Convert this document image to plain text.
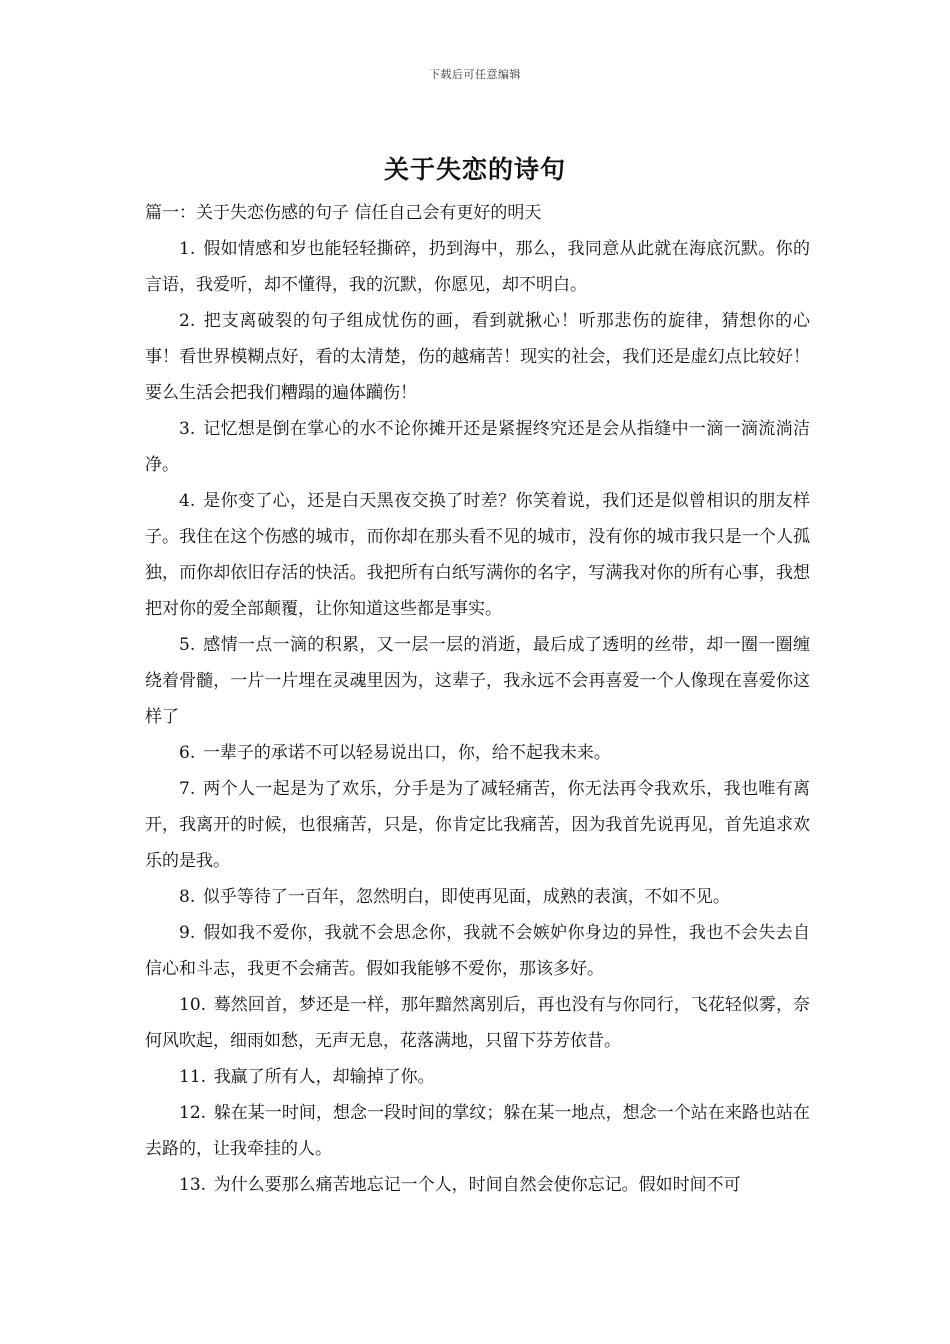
下载后可任意编辑
关于失恋的诗句

篇一：关于失恋伤感的句子 信任自己会有更好的明天

1. 假如情感和岁也能轻轻撕碎，扔到海中，那么，我同意从此就在海底沉默。你的言语，我爱听，却不懂得，我的沉默，你愿见，却不明白。

2. 把支离破裂的句子组成忧伤的画，看到就揪心！听那悲伤的旋律，猜想你的心事！看世界模糊点好，看的太清楚，伤的越痛苦！现实的社会，我们还是虚幻点比较好！要么生活会把我们糟蹋的遍体躏伤！

3. 记忆想是倒在掌心的水不论你摊开还是紧握终究还是会从指缝中一滴一滴流淌洁净。

4. 是你变了心，还是白天黑夜交换了时差？你笑着说，我们还是似曾相识的朋友样子。我住在这个伤感的城市，而你却在那头看不见的城市，没有你的城市我只是一个人孤独，而你却依旧存活的快活。我把所有白纸写满你的名字，写满我对你的所有心事，我想把对你的爱全部颠覆，让你知道这些都是事实。

5. 感情一点一滴的积累，又一层一层的消逝，最后成了透明的丝带，却一圈一圈缠绕着骨髓，一片一片埋在灵魂里因为，这辈子，我永远不会再喜爱一个人像现在喜爱你这样了

6. 一辈子的承诺不可以轻易说出口，你，给不起我未来。

7. 两个人一起是为了欢乐，分手是为了减轻痛苦，你无法再令我欢乐，我也唯有离开，我离开的时候，也很痛苦，只是，你肯定比我痛苦，因为我首先说再见，首先追求欢乐的是我。

8. 似乎等待了一百年，忽然明白，即使再见面，成熟的表演，不如不见。

9. 假如我不爱你，我就不会思念你，我就不会嫉妒你身边的异性，我也不会失去自信心和斗志，我更不会痛苦。假如我能够不爱你，那该多好。

10. 蓦然回首，梦还是一样，那年黯然离别后，再也没有与你同行，飞花轻似雾，奈何风吹起，细雨如愁，无声无息，花落满地，只留下芬芳依昔。

11. 我赢了所有人，却输掉了你。

12. 躲在某一时间，想念一段时间的掌纹；躲在某一地点，想念一个站在来路也站在去路的，让我牵挂的人。

13. 为什么要那么痛苦地忘记一个人，时间自然会使你忘记。假如时间不可
